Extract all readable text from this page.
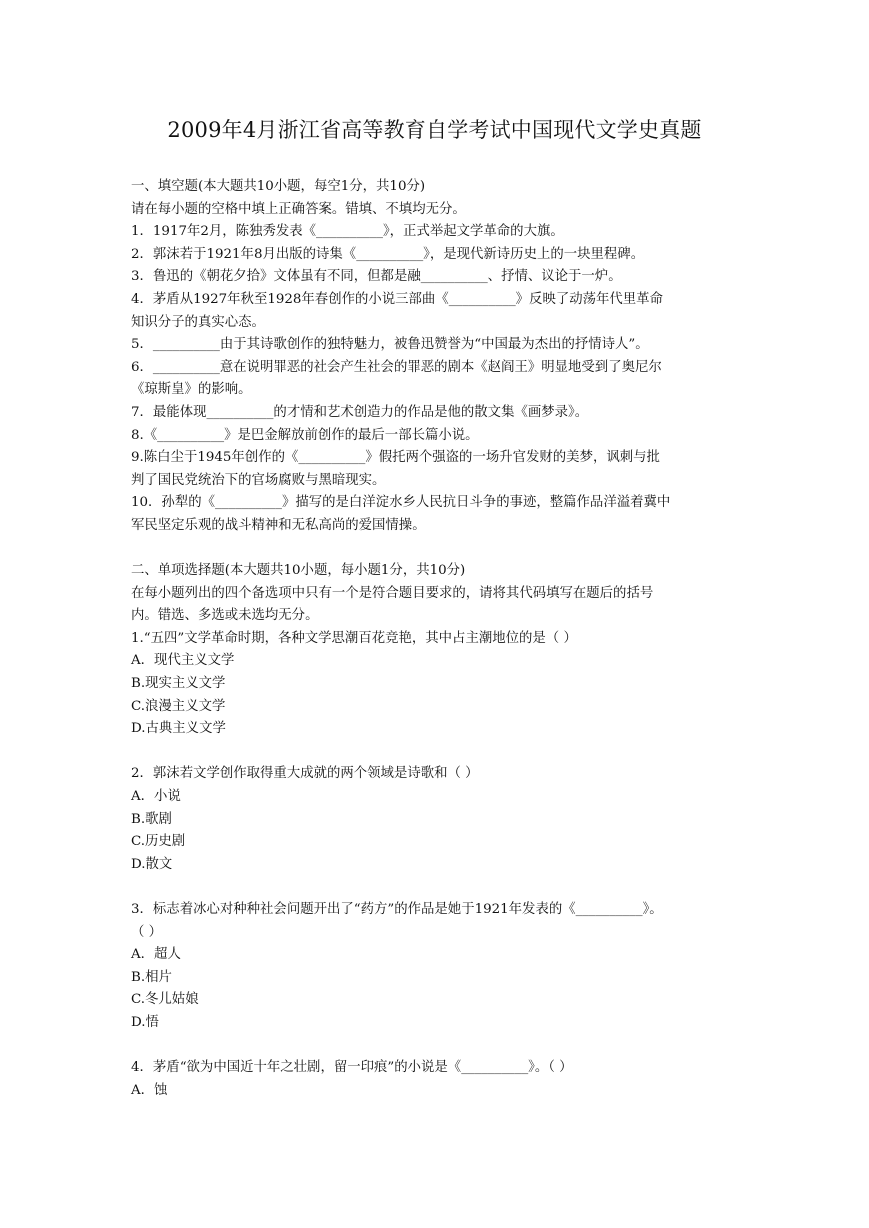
2009年4月浙江省高等教育自学考试中国现代文学史真题
一、填空题(本大题共10小题，每空1分，共10分)
请在每小题的空格中填上正确答案。错填、不填均无分。
1．1917年2月，陈独秀发表《__________》，正式举起文学革命的大旗。
2．郭沫若于1921年8月出版的诗集《__________》，是现代新诗历史上的一块里程碑。
3．鲁迅的《朝花夕拾》文体虽有不同，但都是融__________、抒情、议论于一炉。
4．茅盾从1927年秋至1928年春创作的小说三部曲《__________》反映了动荡年代里革命
知识分子的真实心态。
5．__________由于其诗歌创作的独特魅力，被鲁迅赞誉为“中国最为杰出的抒情诗人”。
6．__________意在说明罪恶的社会产生社会的罪恶的剧本《赵阎王》明显地受到了奥尼尔
《琼斯皇》的影响。
7．最能体现__________的才情和艺术创造力的作品是他的散文集《画梦录》。
8.《__________》是巴金解放前创作的最后一部长篇小说。
9.陈白尘于1945年创作的《__________》假托两个强盗的一场升官发财的美梦，讽刺与批
判了国民党统治下的官场腐败与黑暗现实。
10．孙犁的《__________》描写的是白洋淀水乡人民抗日斗争的事迹，整篇作品洋溢着冀中
军民坚定乐观的战斗精神和无私高尚的爱国情操。
二、单项选择题(本大题共10小题，每小题1分，共10分)
在每小题列出的四个备选项中只有一个是符合题目要求的，请将其代码填写在题后的括号
内。错选、多选或未选均无分。
1.“五四”文学革命时期，各种文学思潮百花竞艳，其中占主潮地位的是（ ）
A．现代主义文学
B.现实主义文学
C.浪漫主义文学
D.古典主义文学
2．郭沫若文学创作取得重大成就的两个领域是诗歌和（ ）
A．小说
B.歌剧
C.历史剧
D.散文
3．标志着冰心对种种社会问题开出了“药方”的作品是她于1921年发表的《__________》。
（ ）
A．超人
B.相片
C.冬儿姑娘
D.悟
4．茅盾“欲为中国近十年之壮剧，留一印痕”的小说是《__________》。（ ）
A．蚀
